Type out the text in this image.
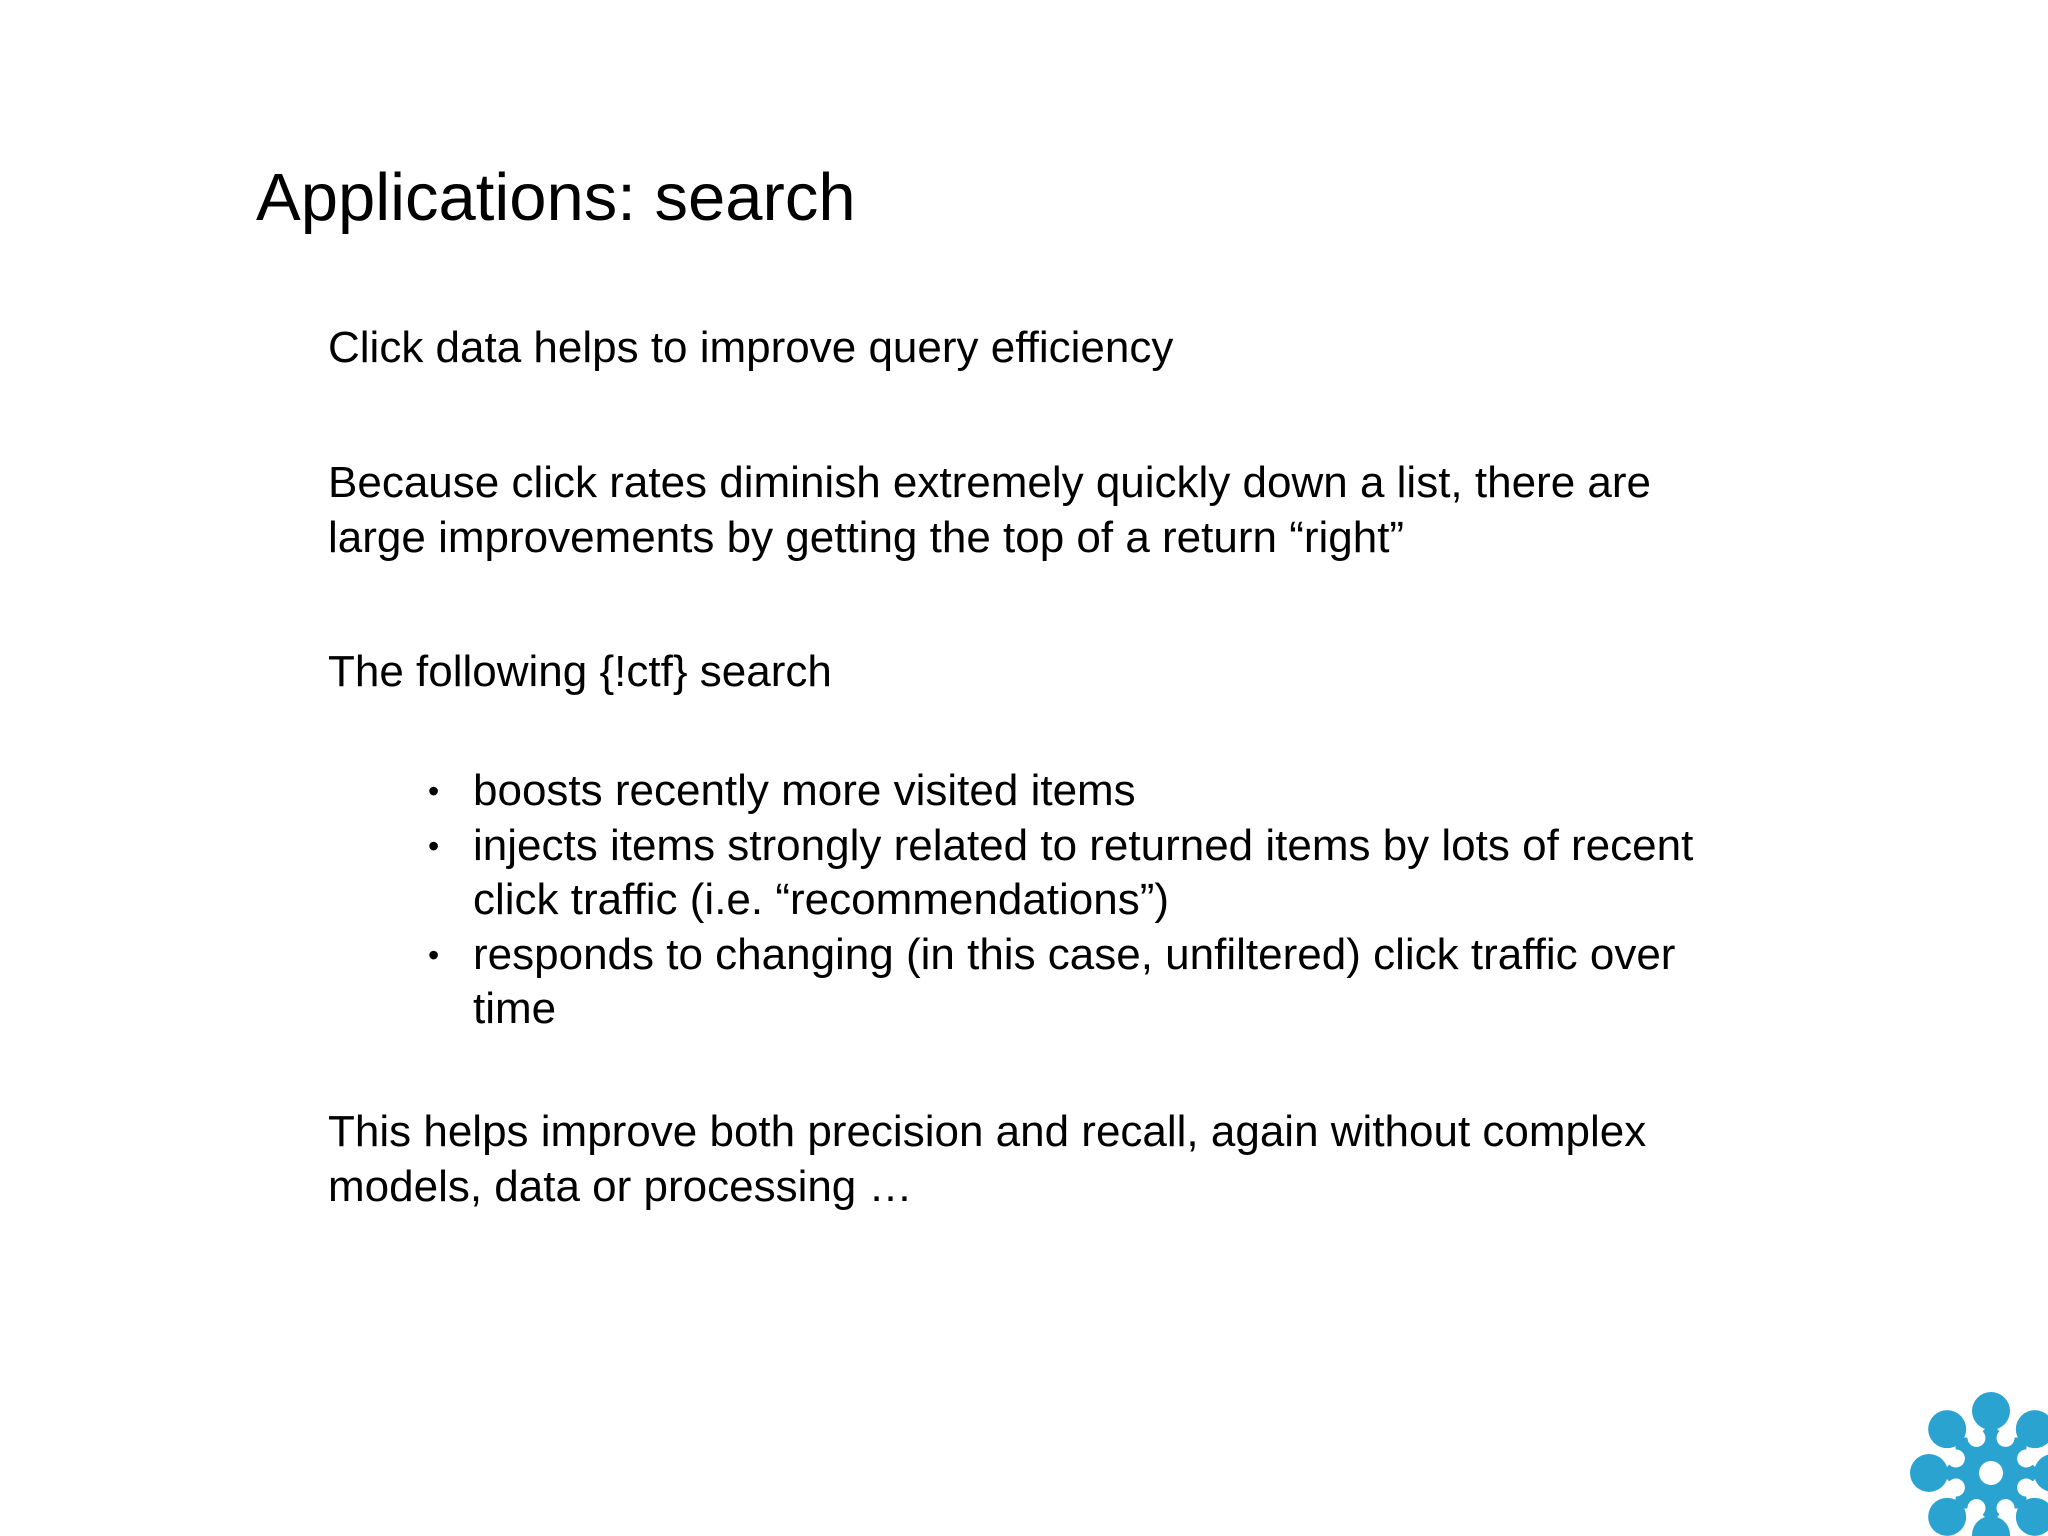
Applications: search

Click data helps to improve query efficiency

Because click rates diminish extremely quickly down a list, there are large improvements by getting the top of a return “right”

The following {!ctf} search

• boosts recently more visited items
• injects items strongly related to returned items by lots of recent click traffic (i.e. “recommendations”)
• responds to changing (in this case, unfiltered) click traffic over time

This helps improve both precision and recall, again without complex models, data or processing …
